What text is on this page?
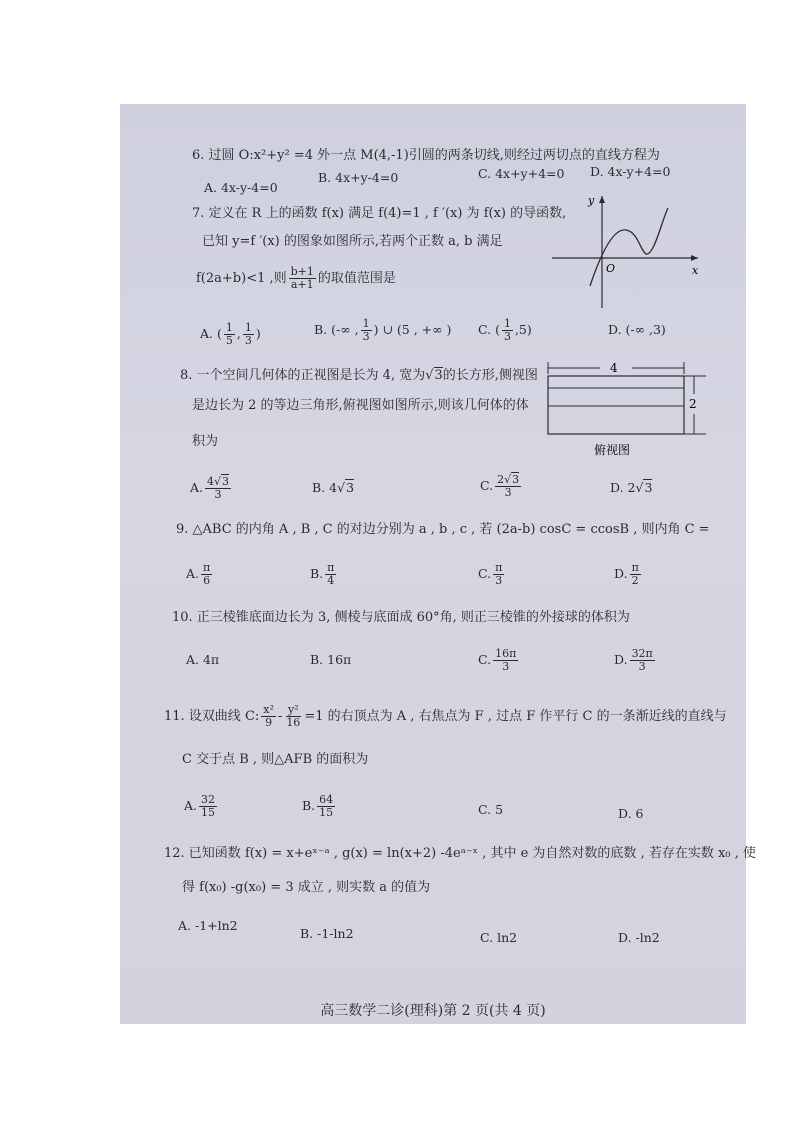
6. 过圆 O:x²+y² =4 外一点 M(4,-1)引圆的两条切线,则经过两切点的直线方程为
A. 4x-y-4=0
B. 4x+y-4=0	C. 4x+y+4=0 D. 4x-y+4=0
7. 定义在 R 上的函数 f(x) 满足 f(4)=1 , f ′(x) 为 f(x) 的导函数,
已知 y=f ′(x) 的图象如图所示,若两个正数 a, b 满足
f(2a+b)<1 ,则 $\frac{b+1}{a+1}$ 的取值范围是
A. ( $\frac{1}{5}$ , $\frac{1}{3}$ )	B. (-∞ , $\frac{1}{3}$ ) ∪ (5 , +∞ ) C. ( $\frac{1}{3} ,5$)	D. (-∞ ,3)
y
x
O
8. 一个空间几何体的正视图是长为 4, 宽为√3的长方形,侧视图
是边长为 2 的等边三角形,俯视图如图所示,则该几何体的体
积为
4
2
俯视图
A. $\frac{4√3}{3}$	B. 4√3	C. $\frac{2√3}{3}$	D. 2√3
9. △ABC 的内角 A , B , C 的对边分别为 a , b , c , 若 (2a-b) cosC = ccosB , 则内角 C =
A. $\frac{\pi}{6}$	B. $\frac{\pi}{4}$	C. $\frac{\pi}{3}$	D. $\frac{\pi}{2}$
10. 正三棱锥底面边长为 3, 侧棱与底面成 60°角, 则正三棱锥的外接球的体积为
A. 4π	B. 16π	C. $\frac{16\pi}{3}$	D. $\frac{32\pi}{3}$
11. 设双曲线 C: $\frac{\text{x²}}{9} - \frac{\text{y²}}{16} =1$ 的右顶点为 A , 右焦点为 F , 过点 F 作平行 C 的一条渐近线的直线与
C 交于点 B , 则△AFB 的面积为
A. $\frac{32}{15}$	B. $\frac{64}{15}$	C. 5	D. 6
12. 已知函数 f(x) = x+eˣ⁻ᵃ , g(x) = ln(x+2) -4eᵃ⁻ˣ , 其中 e 为自然对数的底数 , 若存在实数 x₀ , 使
得 f(x₀) -g(x₀) = 3 成立 , 则实数 a 的值为
A. -1+ln2
B. -1-ln2	C. ln2	D. -ln2
高三数学二诊(理科)第 2 页(共 4 页)
